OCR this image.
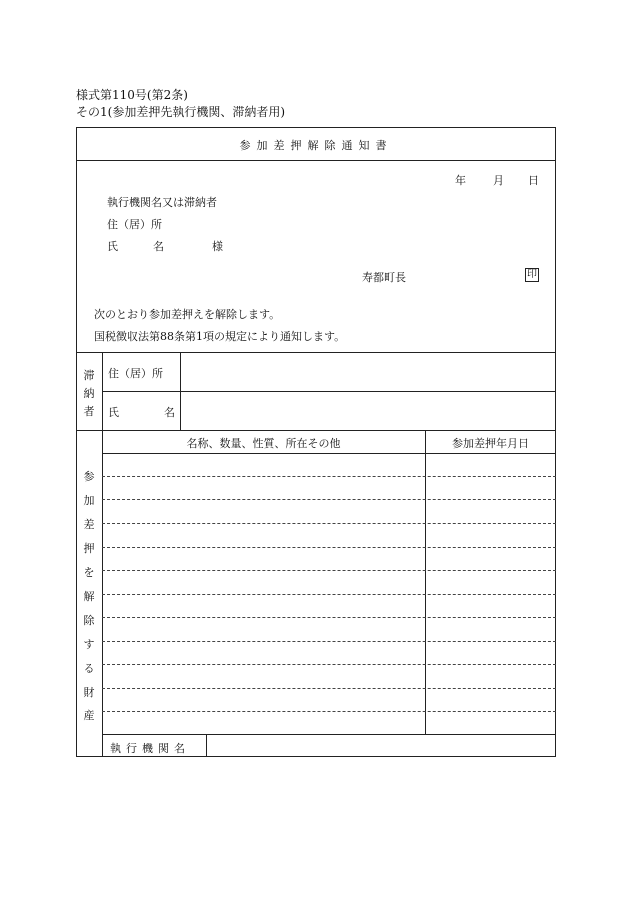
様式第110号(第2条)
その1(参加差押先執行機関、滞納者用)
参加差押解除通知書
年 月 日
執行機関名又は滞納者
住（居）所
氏	名	様
寿都町長	印
次のとおり参加差押えを解除します。
国税徴収法第88条第1項の規定により通知します。
滞
納
者
住（居）所
氏	名
名称、数量、性質、所在その他	参加差押年月日
参
加
差
押
を
解
除
す
る
財
産
執行機関名
